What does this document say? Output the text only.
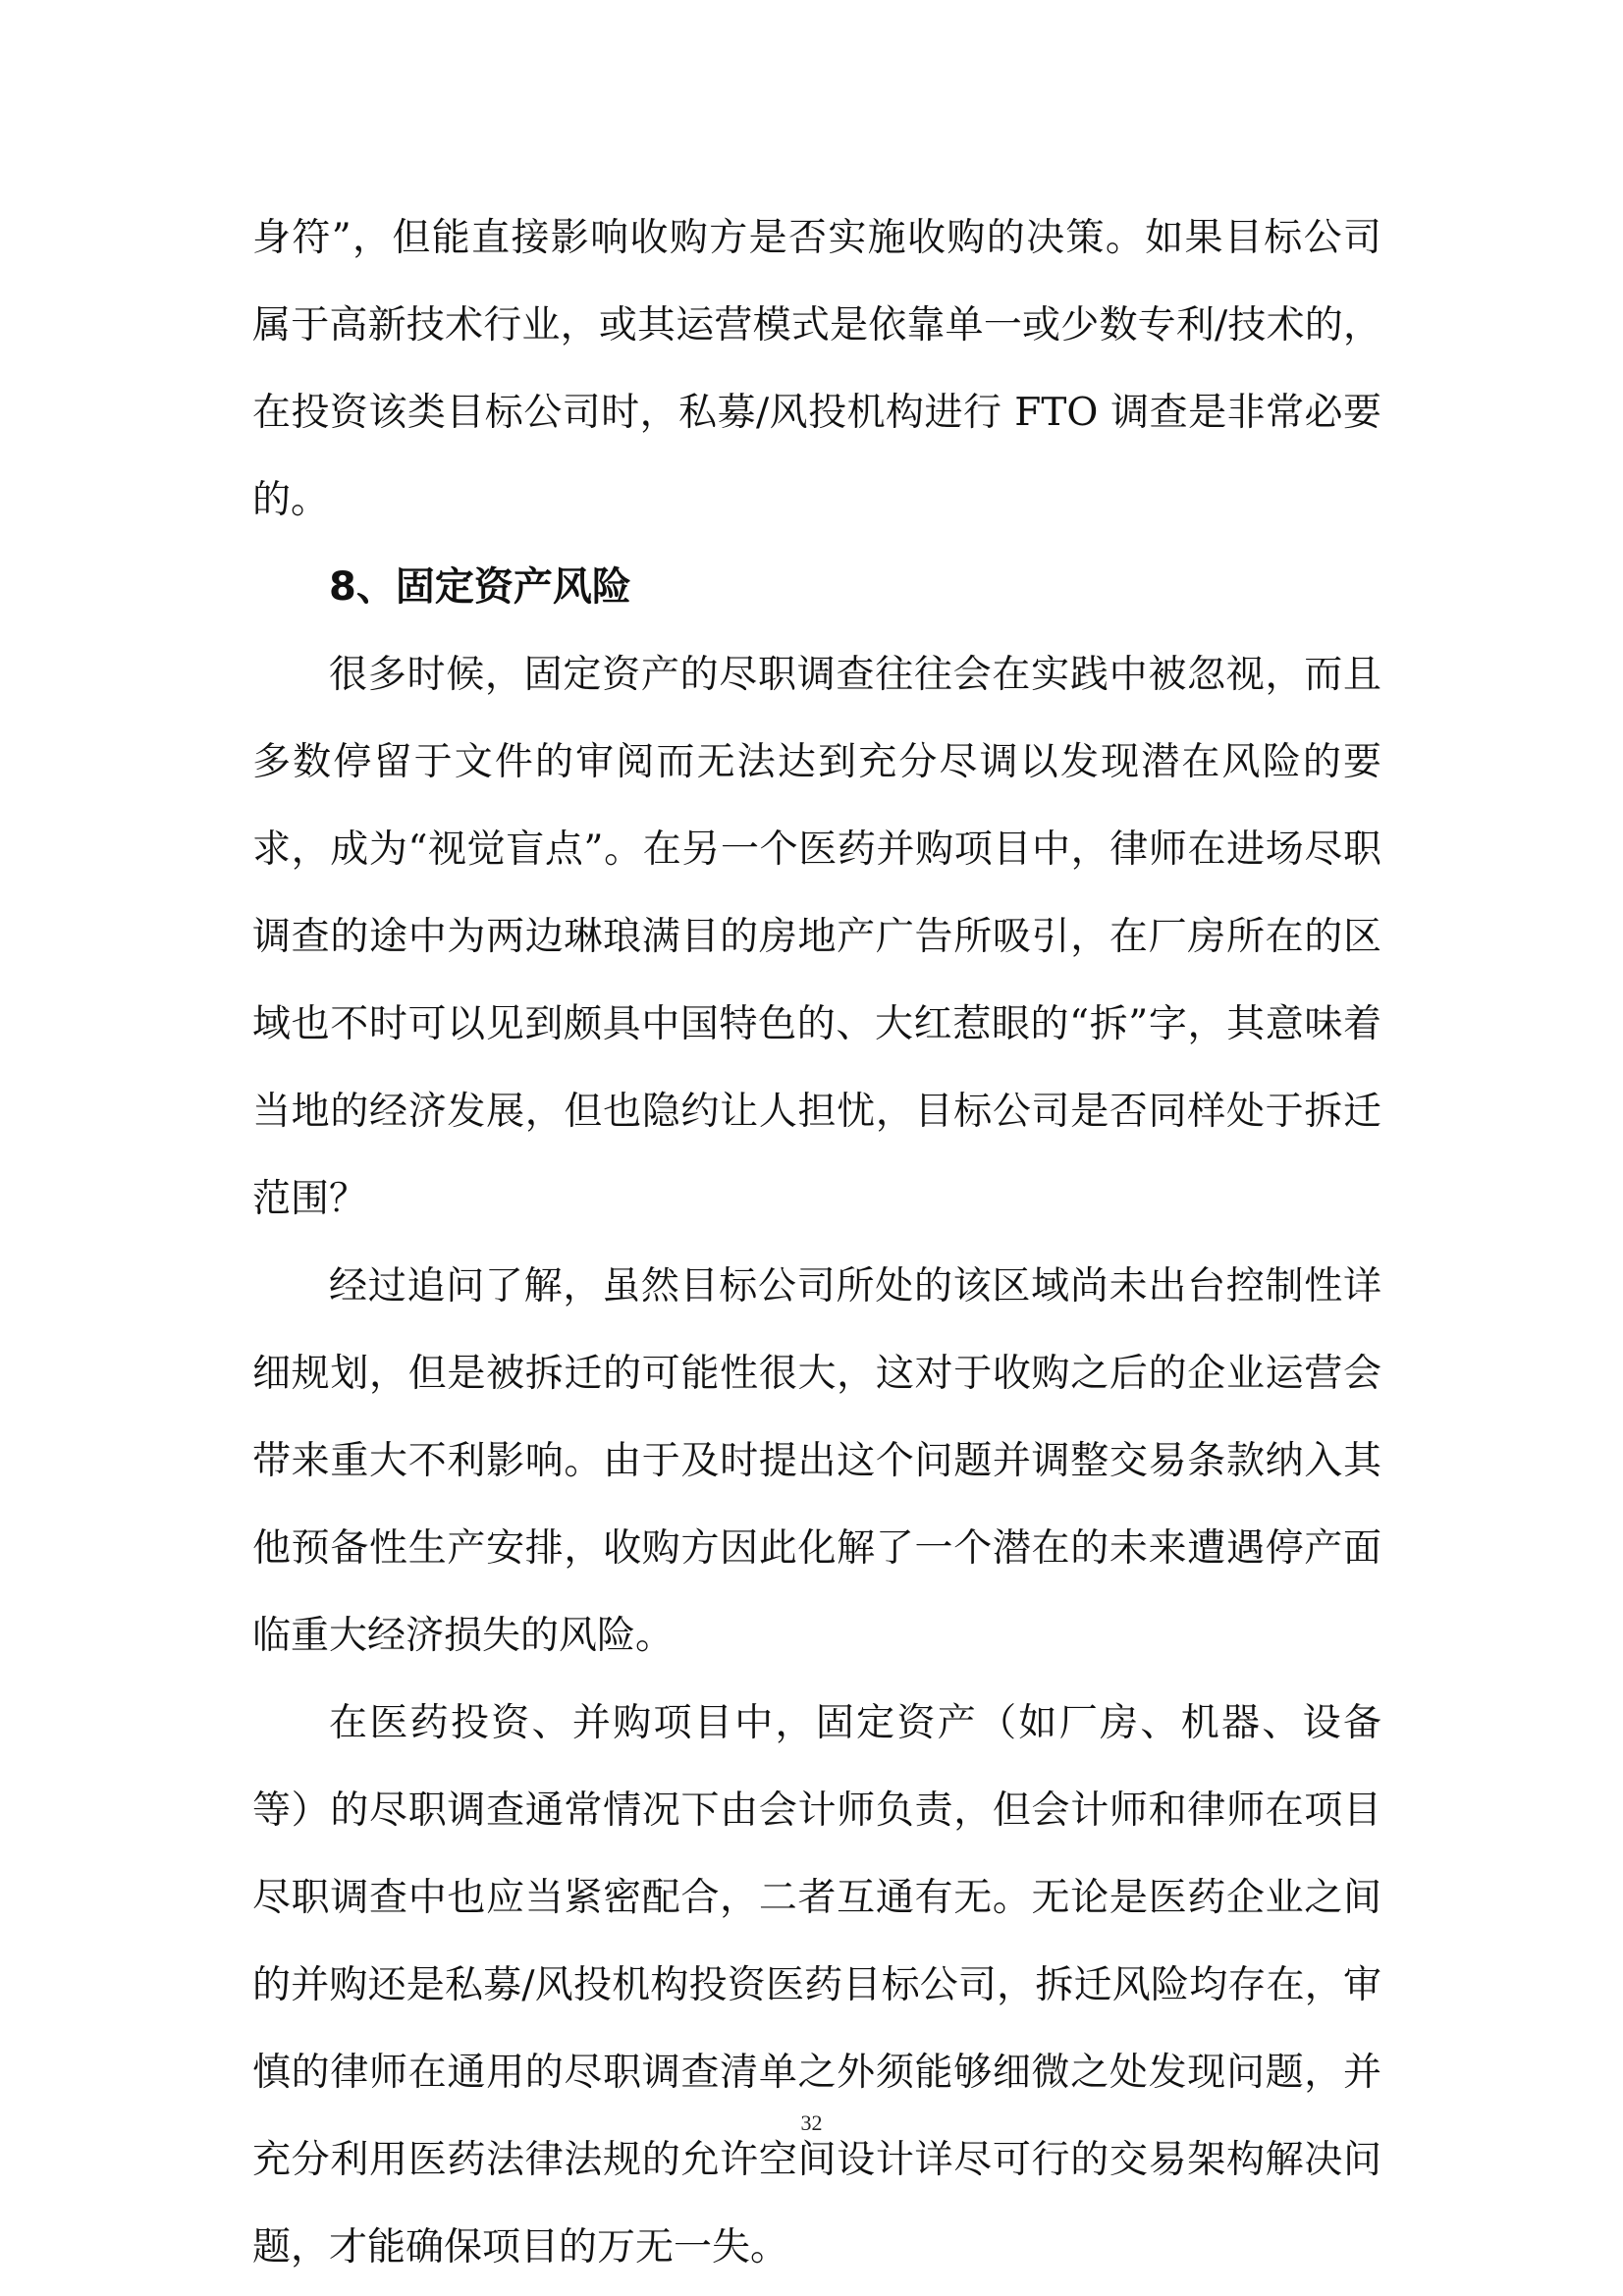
身符”，但能直接影响收购方是否实施收购的决策。如果目标公司属于高新技术行业，或其运营模式是依靠单一或少数专利/技术的，在投资该类目标公司时，私募/风投机构进行 FTO 调查是非常必要的。

8、固定资产风险

很多时候，固定资产的尽职调查往往会在实践中被忽视，而且多数停留于文件的审阅而无法达到充分尽调以发现潜在风险的要求，成为“视觉盲点”。在另一个医药并购项目中，律师在进场尽职调查的途中为两边琳琅满目的房地产广告所吸引，在厂房所在的区域也不时可以见到颇具中国特色的、大红惹眼的“拆”字，其意味着当地的经济发展，但也隐约让人担忧，目标公司是否同样处于拆迁范围？

经过追问了解，虽然目标公司所处的该区域尚未出台控制性详细规划，但是被拆迁的可能性很大，这对于收购之后的企业运营会带来重大不利影响。由于及时提出这个问题并调整交易条款纳入其他预备性生产安排，收购方因此化解了一个潜在的未来遭遇停产面临重大经济损失的风险。

在医药投资、并购项目中，固定资产（如厂房、机器、设备等）的尽职调查通常情况下由会计师负责，但会计师和律师在项目尽职调查中也应当紧密配合，二者互通有无。无论是医药企业之间的并购还是私募/风投机构投资医药目标公司，拆迁风险均存在，审慎的律师在通用的尽职调查清单之外须能够细微之处发现问题，并充分利用医药法律法规的允许空间设计详尽可行的交易架构解决问题，才能确保项目的万无一失。

32
